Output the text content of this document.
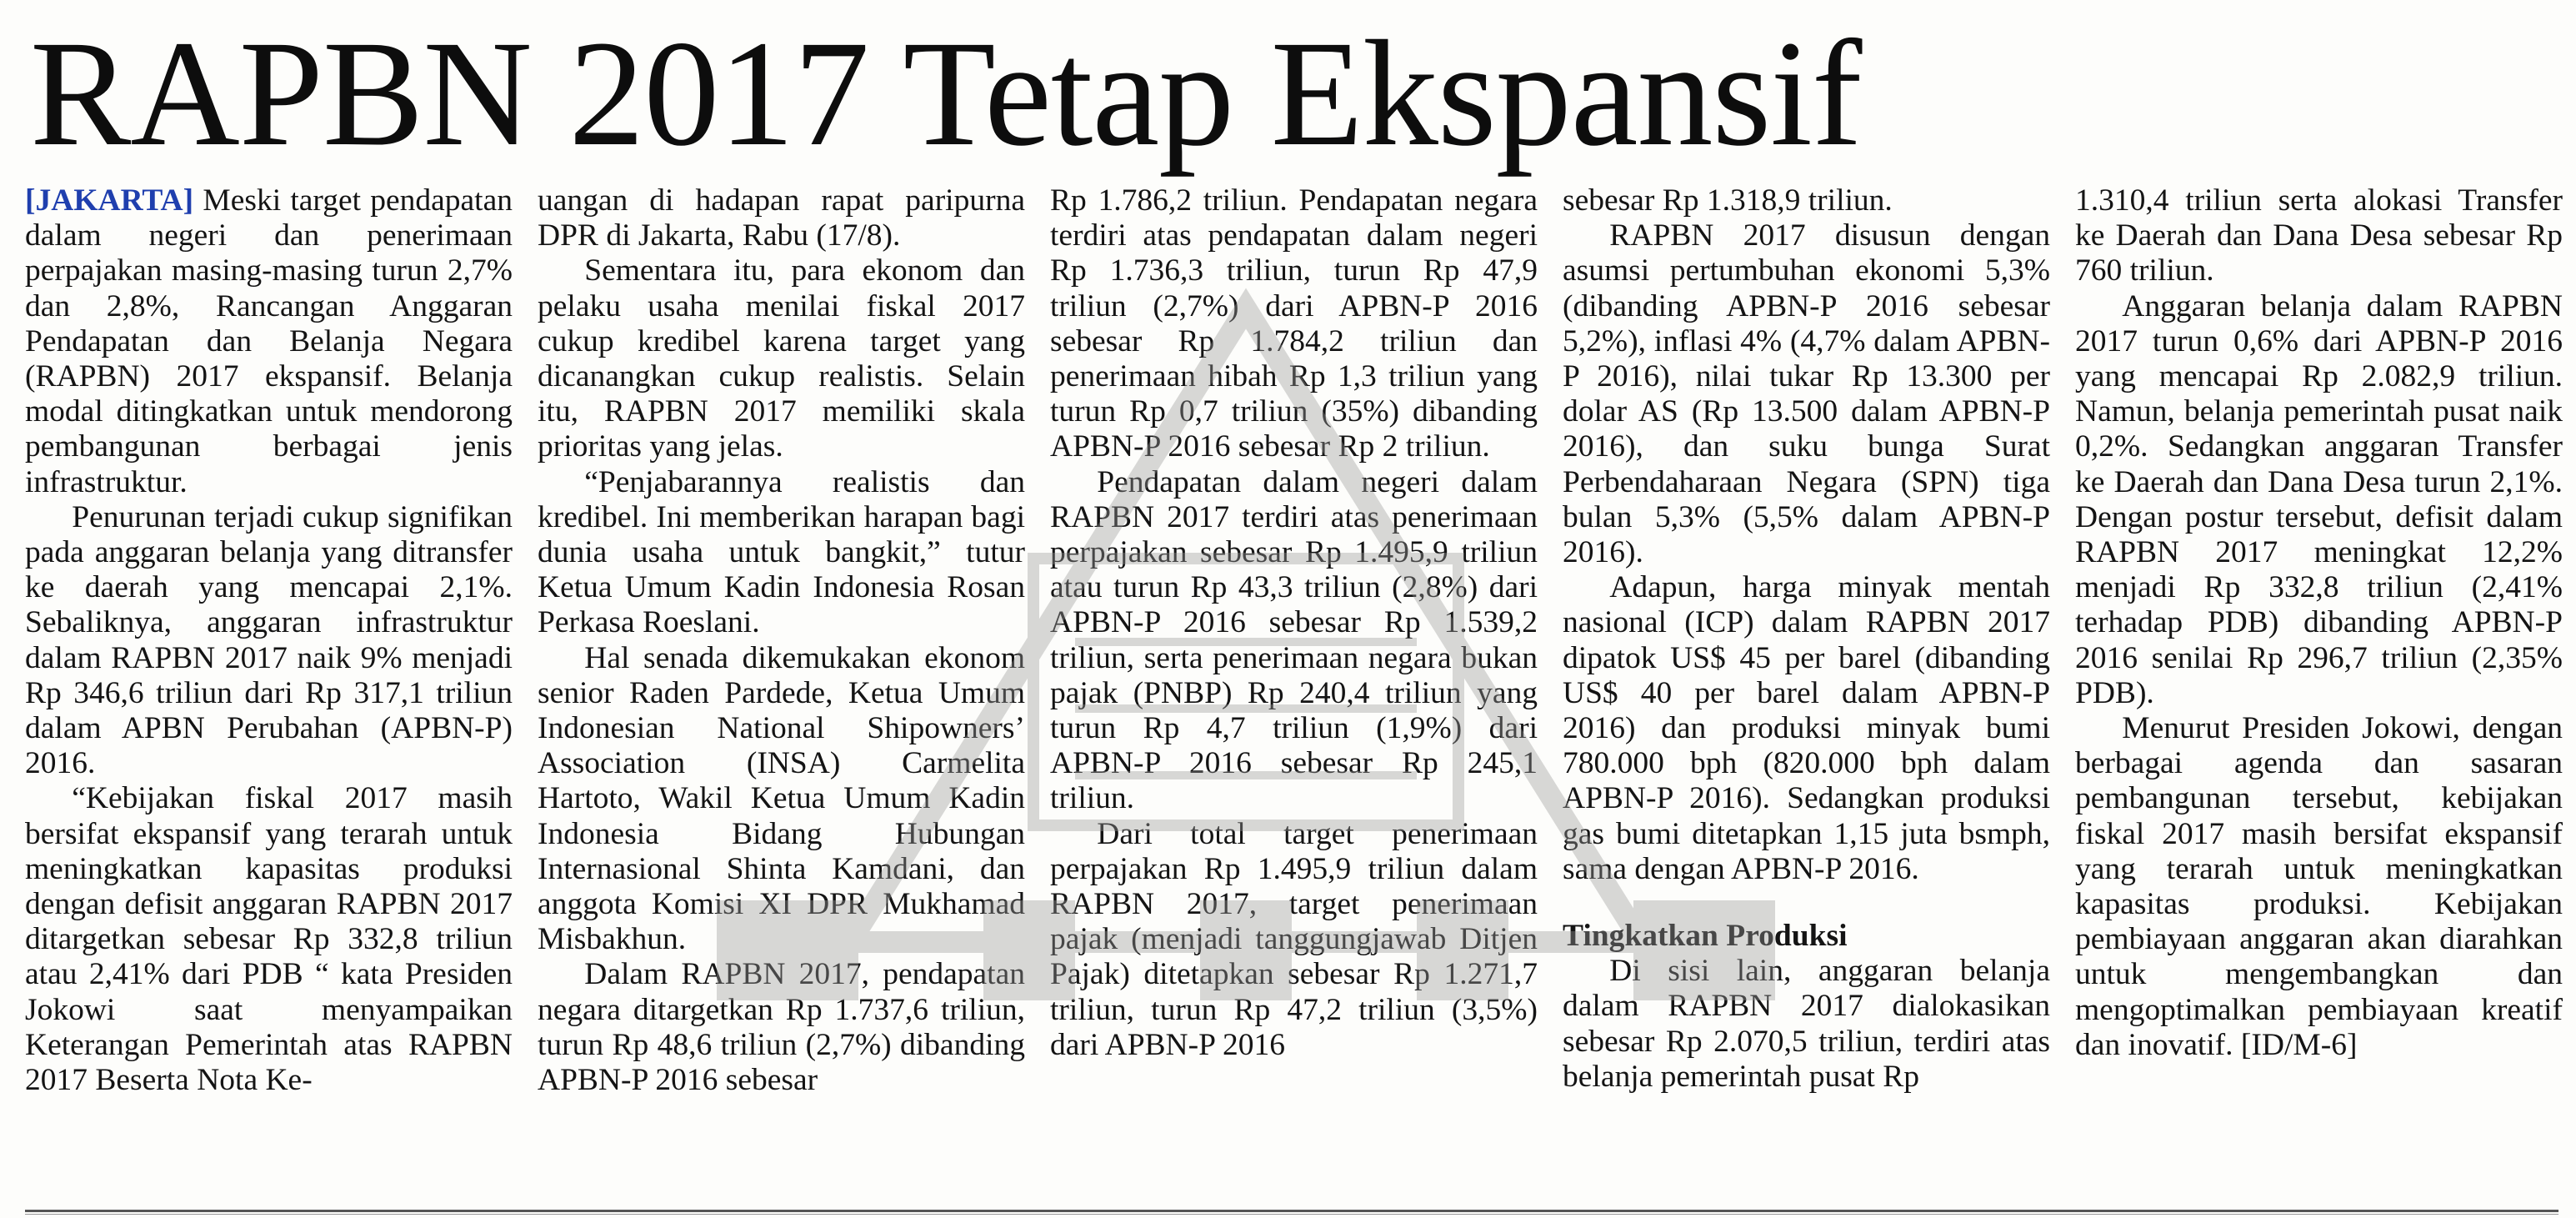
RAPBN 2017 Tetap Ekspansif

[JAKARTA] Meski target pendapatan dalam negeri dan penerimaan perpajakan masing-masing turun 2,7% dan 2,8%, Rancangan Anggaran Pendapatan dan Belanja Negara (RAPBN) 2017 ekspansif. Belanja modal ditingkatkan untuk mendorong pembangunan berbagai jenis infrastruktur.

Penurunan terjadi cukup signifikan pada anggaran belanja yang ditransfer ke daerah yang mencapai 2,1%. Sebaliknya, anggaran infrastruktur dalam RAPBN 2017 naik 9% menjadi Rp 346,6 triliun dari Rp 317,1 triliun dalam APBN Perubahan (APBN-P) 2016.

“Kebijakan fiskal 2017 masih bersifat ekspansif yang terarah untuk meningkatkan kapasitas produksi dengan defisit anggaran RAPBN 2017 ditargetkan sebesar Rp 332,8 triliun atau 2,41% dari PDB “ kata Presiden Jokowi saat menyampaikan Keterangan Pemerintah atas RAPBN 2017 Beserta Nota Ke-

uangan di hadapan rapat paripurna DPR di Jakarta, Rabu (17/8).

Sementara itu, para ekonom dan pelaku usaha menilai fiskal 2017 cukup kredibel karena target yang dicanangkan cukup realistis. Selain itu, RAPBN 2017 memiliki skala prioritas yang jelas.

“Penjabarannya realistis dan kredibel. Ini memberikan harapan bagi dunia usaha untuk bangkit,” tutur Ketua Umum Kadin Indonesia Rosan Perkasa Roeslani.

Hal senada dikemukakan ekonom senior Raden Pardede, Ketua Umum Indonesian National Shipowners’ Association (INSA) Carmelita Hartoto, Wakil Ketua Umum Kadin Indonesia Bidang Hubungan Internasional Shinta Kamdani, dan anggota Komisi XI DPR Mukhamad Misbakhun.

Dalam RAPBN 2017, pendapatan negara ditargetkan Rp 1.737,6 triliun, turun Rp 48,6 triliun (2,7%) dibanding APBN-P 2016 sebesar

Rp 1.786,2 triliun. Pendapatan negara terdiri atas pendapatan dalam negeri Rp 1.736,3 triliun, turun Rp 47,9 triliun (2,7%) dari APBN-P 2016 sebesar Rp 1.784,2 triliun dan penerimaan hibah Rp 1,3 triliun yang turun Rp 0,7 triliun (35%) dibanding APBN-P 2016 sebesar Rp 2 triliun.

Pendapatan dalam negeri dalam RAPBN 2017 terdiri atas penerimaan perpajakan sebesar Rp 1.495,9 triliun atau turun Rp 43,3 triliun (2,8%) dari APBN-P 2016 sebesar Rp 1.539,2 triliun, serta penerimaan negara bukan pajak (PNBP) Rp 240,4 triliun yang turun Rp 4,7 triliun (1,9%) dari APBN-P 2016 sebesar Rp 245,1 triliun.

Dari total target penerimaan perpajakan Rp 1.495,9 triliun dalam RAPBN 2017, target penerimaan pajak (menjadi tanggungjawab Ditjen Pajak) ditetapkan sebesar Rp 1.271,7 triliun, turun Rp 47,2 triliun (3,5%) dari APBN-P 2016

sebesar Rp 1.318,9 triliun.

RAPBN 2017 disusun dengan asumsi pertumbuhan ekonomi 5,3% (dibanding APBN-P 2016 sebesar 5,2%), inflasi 4% (4,7% dalam APBN-P 2016), nilai tukar Rp 13.300 per dolar AS (Rp 13.500 dalam APBN-P 2016), dan suku bunga Surat Perbendaharaan Negara (SPN) tiga bulan 5,3% (5,5% dalam APBN-P 2016).

Adapun, harga minyak mentah nasional (ICP) dalam RAPBN 2017 dipatok US$ 45 per barel (dibanding US$ 40 per barel dalam APBN-P 2016) dan produksi minyak bumi 780.000 bph (820.000 bph dalam APBN-P 2016). Sedangkan produksi gas bumi ditetapkan 1,15 juta bsmph, sama dengan APBN-P 2016.

Tingkatkan Produksi

Di sisi lain, anggaran belanja dalam RAPBN 2017 dialokasikan sebesar Rp 2.070,5 triliun, terdiri atas belanja pemerintah pusat Rp

1.310,4 triliun serta alokasi Transfer ke Daerah dan Dana Desa sebesar Rp 760 triliun.

Anggaran belanja dalam RAPBN 2017 turun 0,6% dari APBN-P 2016 yang mencapai Rp 2.082,9 triliun. Namun, belanja pemerintah pusat naik 0,2%. Sedangkan anggaran Transfer ke Daerah dan Dana Desa turun 2,1%. Dengan postur tersebut, defisit dalam RAPBN 2017 meningkat 12,2% menjadi Rp 332,8 triliun (2,41% terhadap PDB) dibanding APBN-P 2016 senilai Rp 296,7 triliun (2,35% PDB).

Menurut Presiden Jokowi, dengan berbagai agenda dan sasaran pembangunan tersebut, kebijakan fiskal 2017 masih bersifat ekspansif yang terarah untuk meningkatkan kapasitas produksi. Kebijakan pembiayaan anggaran akan diarahkan untuk mengembangkan dan mengoptimalkan pembiayaan kreatif dan inovatif. [ID/M-6]
